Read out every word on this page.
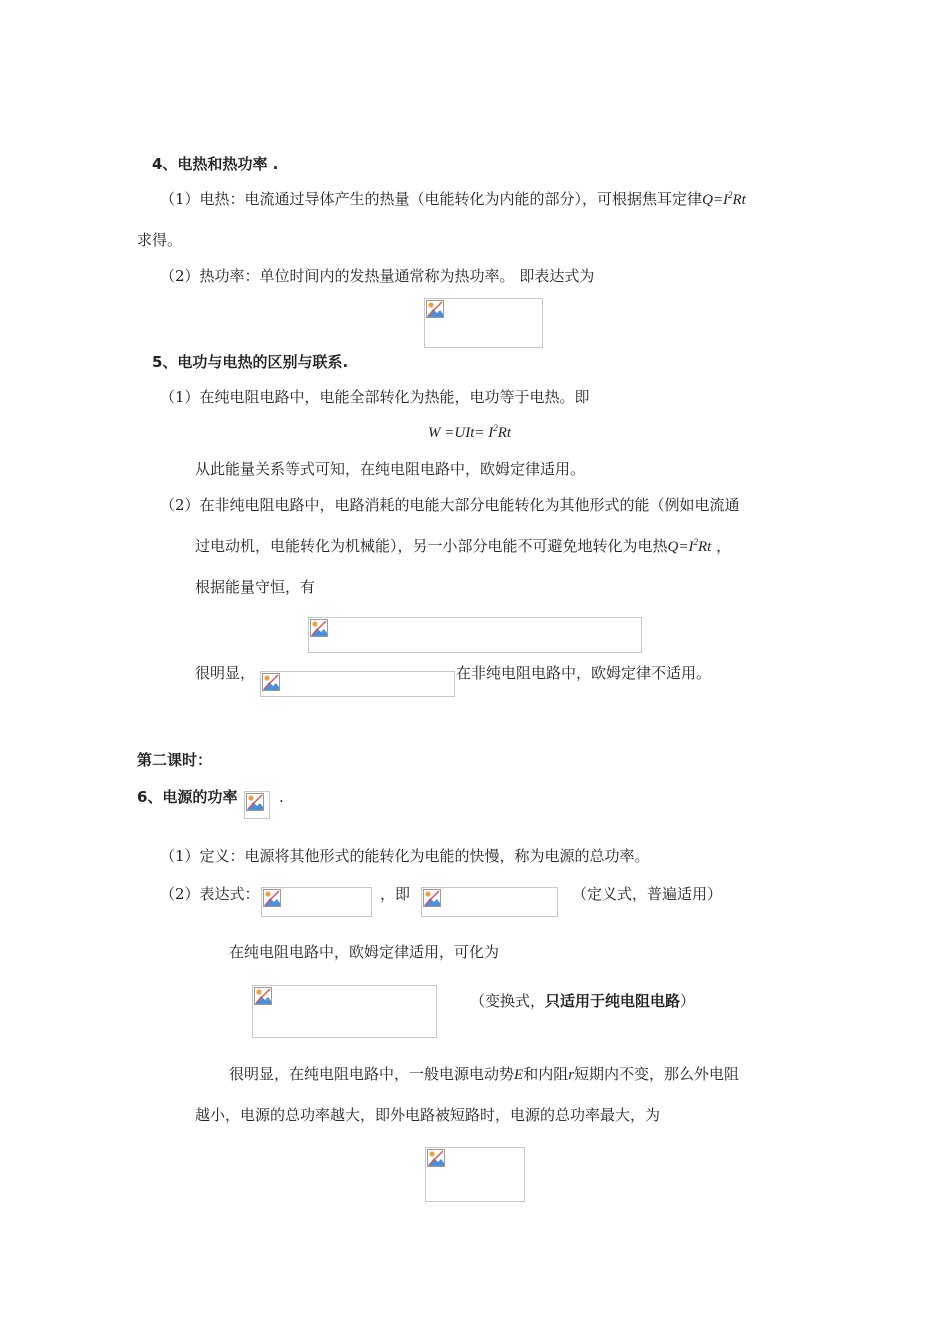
4、电热和热功率 .
（1）电热：电流通过导体产生的热量（电能转化为内能的部分），可根据焦耳定律$Q=I^2Rt$
求得。
（2）热功率：单位时间内的发热量通常称为热功率。 即表达式为
5、电功与电热的区别与联系.
（1）在纯电阻电路中，电能全部转化为热能，电功等于电热。即
$W =UIt= I^2Rt$
从此能量关系等式可知，在纯电阻电路中，欧姆定律适用。
（2）在非纯电阻电路中，电路消耗的电能大部分电能转化为其他形式的能（例如电流通
过电动机，电能转化为机械能），另一小部分电能不可避免地转化为电热$Q=I^2Rt$ ，
根据能量守恒，有
很明显，	在非纯电阻电路中，欧姆定律不适用。
第二课时：
6、电源的功率	.
（1）定义：电源将其他形式的能转化为电能的快慢，称为电源的总功率。
（2）表达式：	，即	（定义式，普遍适用）
在纯电阻电路中，欧姆定律适用，可化为
（变换式，只适用于纯电阻电路）
很明显，在纯电阻电路中，一般电源电动势E和内阻r短期内不变，那么外电阻
越小，电源的总功率越大，即外电路被短路时，电源的总功率最大，为
